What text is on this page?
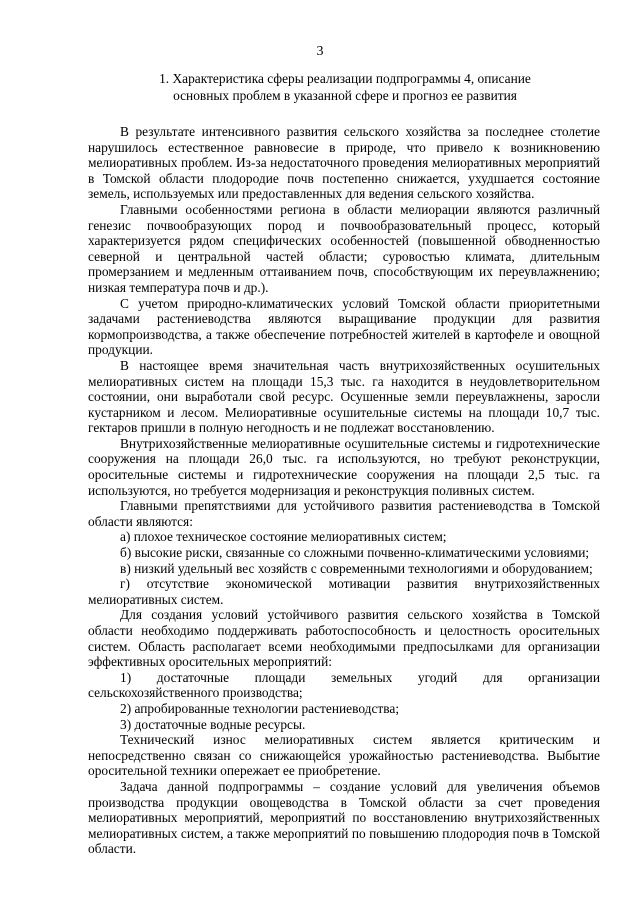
3
1. Характеристика сферы реализации подпрограммы 4, описание
основных проблем в указанной сфере и прогноз ее развития

В результате интенсивного развития сельского хозяйства за последнее столетие нарушилось естественное равновесие в природе, что привело к возникновению мелиоративных проблем. Из-за недостаточного проведения мелиоративных мероприятий в Томской области плодородие почв постепенно снижается, ухудшается состояние земель, используемых или предоставленных для ведения сельского хозяйства.

Главными особенностями региона в области мелиорации являются различный генезис почвообразующих пород и почвообразовательный процесс, который характеризуется рядом специфических особенностей (повышенной обводненностью северной и центральной частей области; суровостью климата, длительным промерзанием и медленным оттаиванием почв, способствующим их переувлажнению; низкая температура почв и др.).

С учетом природно-климатических условий Томской области приоритетными задачами растениеводства являются выращивание продукции для развития кормопроизводства, а также обеспечение потребностей жителей в картофеле и овощной продукции.

В настоящее время значительная часть внутрихозяйственных осушительных мелиоративных систем на площади 15,3 тыс. га находится в неудовлетворительном состоянии, они выработали свой ресурс. Осушенные земли переувлажнены, заросли кустарником и лесом. Мелиоративные осушительные системы на площади 10,7 тыс. гектаров пришли в полную негодность и не подлежат восстановлению.

Внутрихозяйственные мелиоративные осушительные системы и гидротехнические сооружения на площади 26,0 тыс. га используются, но требуют реконструкции, оросительные системы и гидротехнические сооружения на площади 2,5 тыс. га используются, но требуется модернизация и реконструкция поливных систем.

Главными препятствиями для устойчивого развития растениеводства в Томской области являются:

а) плохое техническое состояние мелиоративных систем;

б) высокие риски, связанные со сложными почвенно-климатическими условиями;

в) низкий удельный вес хозяйств с современными технологиями и оборудованием;

г) отсутствие экономической мотивации развития внутрихозяйственных мелиоративных систем.

Для создания условий устойчивого развития сельского хозяйства в Томской области необходимо поддерживать работоспособность и целостность оросительных систем. Область располагает всеми необходимыми предпосылками для организации эффективных оросительных мероприятий:

1) достаточные площади земельных угодий для организации сельскохозяйственного производства;

2) апробированные технологии растениеводства;

3) достаточные водные ресурсы.

Технический износ мелиоративных систем является критическим и непосредственно связан со снижающейся урожайностью растениеводства. Выбытие оросительной техники опережает ее приобретение.

Задача данной подпрограммы – создание условий для увеличения объемов производства продукции овощеводства в Томской области за счет проведения мелиоративных мероприятий, мероприятий по восстановлению внутрихозяйственных мелиоративных систем, а также мероприятий по повышению плодородия почв в Томской области.
